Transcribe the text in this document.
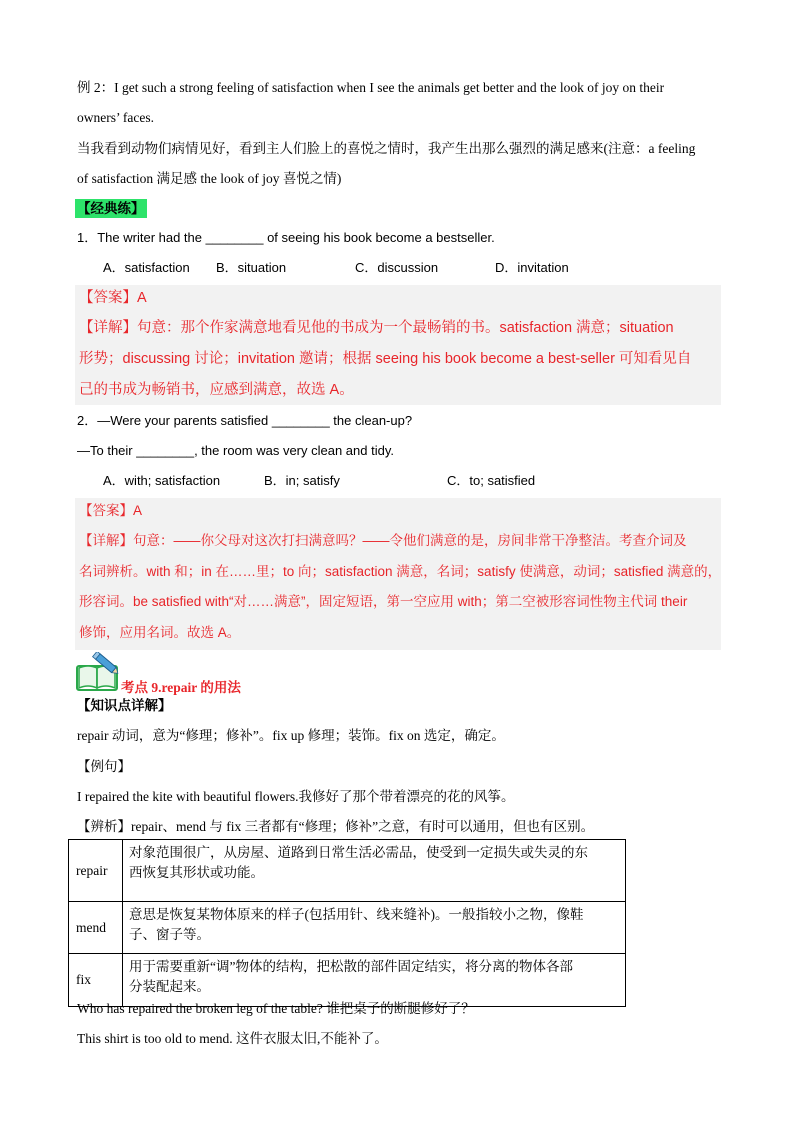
例 2：I get such a strong feeling of satisfaction when I see the animals get better and the look of joy on their
owners’ faces.
当我看到动物们病情见好，看到主人们脸上的喜悦之情时，我产生出那么强烈的满足感来(注意：a feeling
of satisfaction 满足感 the look of joy 喜悦之情)
【经典练】
1．The writer had the ________ of seeing his book become a bestseller.
A．satisfaction B．situation	C．discussion	D．invitation
【答案】A
【详解】句意：那个作家满意地看见他的书成为一个最畅销的书。satisfaction 满意；situation
形势；discussing 讨论；invitation 邀请；根据 seeing his book become a best-seller 可知看见自
己的书成为畅销书，应感到满意，故选 A。
2．—Were your parents satisfied ________ the clean-up?
—To their ________, the room was very clean and tidy.
A．with; satisfaction	B．in; satisfy	C．to; satisfied
【答案】A
【详解】句意：——你父母对这次打扫满意吗？——令他们满意的是，房间非常干净整洁。考查介词及
名词辨析。with 和；in 在……里；to 向；satisfaction 满意，名词；satisfy 使满意，动词；satisfied 满意的，
形容词。be satisfied with“对……满意”，固定短语，第一空应用 with；第二空被形容词性物主代词 their
修饰，应用名词。故选 A。
考点 9.repair 的用法
【知识点详解】
repair 动词，意为“修理；修补”。fix up 修理；装饰。fix on 选定，确定。
【例句】
I repaired the kite with beautiful flowers.我修好了那个带着漂亮的花的风筝。
【辨析】repair、mend 与 fix 三者都有“修理；修补”之意，有时可以通用，但也有区别。
repair	对象范围很广，从房屋、道路到日常生活必需品，使受到一定损失或失灵的东
西恢复其形状或功能。

mend	意思是恢复某物体原来的样子(包括用针、线来缝补)。一般指较小之物，像鞋
子、窗子等。

fix	用于需要重新“调”物体的结构，把松散的部件固定结实，将分离的物体各部
分装配起来。
Who has repaired the broken leg of the table? 谁把桌子的断腿修好了？
This shirt is too old to mend. 这件衣服太旧,不能补了。
